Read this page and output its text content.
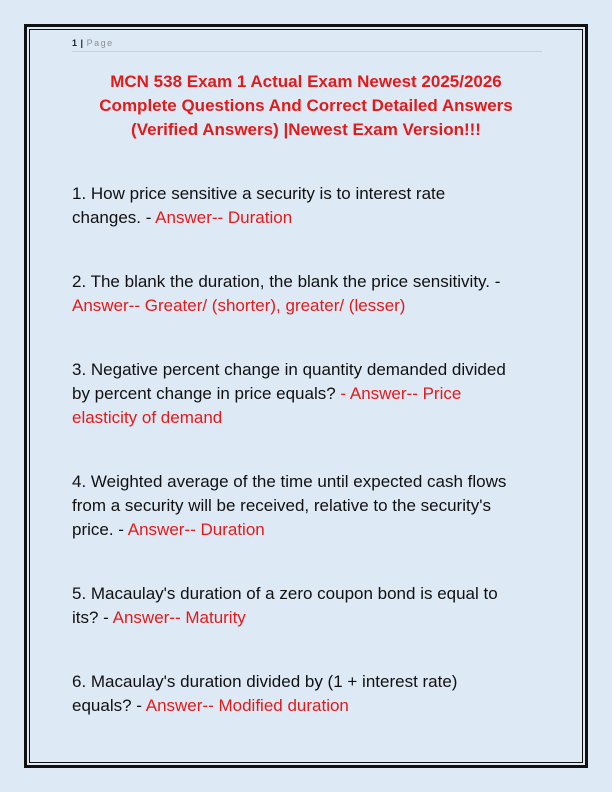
1 | Page
MCN 538 Exam 1 Actual Exam Newest 2025/2026
Complete Questions And Correct Detailed Answers
(Verified Answers) |Newest Exam Version!!!
1. How price sensitive a security is to interest rate
changes. - Answer-- Duration
2. The blank the duration, the blank the price sensitivity. -
Answer-- Greater/ (shorter), greater/ (lesser)
3. Negative percent change in quantity demanded divided
by percent change in price equals? - Answer-- Price
elasticity of demand
4. Weighted average of the time until expected cash flows
from a security will be received, relative to the security's
price. - Answer-- Duration
5. Macaulay's duration of a zero coupon bond is equal to
its? - Answer-- Maturity
6. Macaulay's duration divided by (1 + interest rate)
equals? - Answer-- Modified duration
